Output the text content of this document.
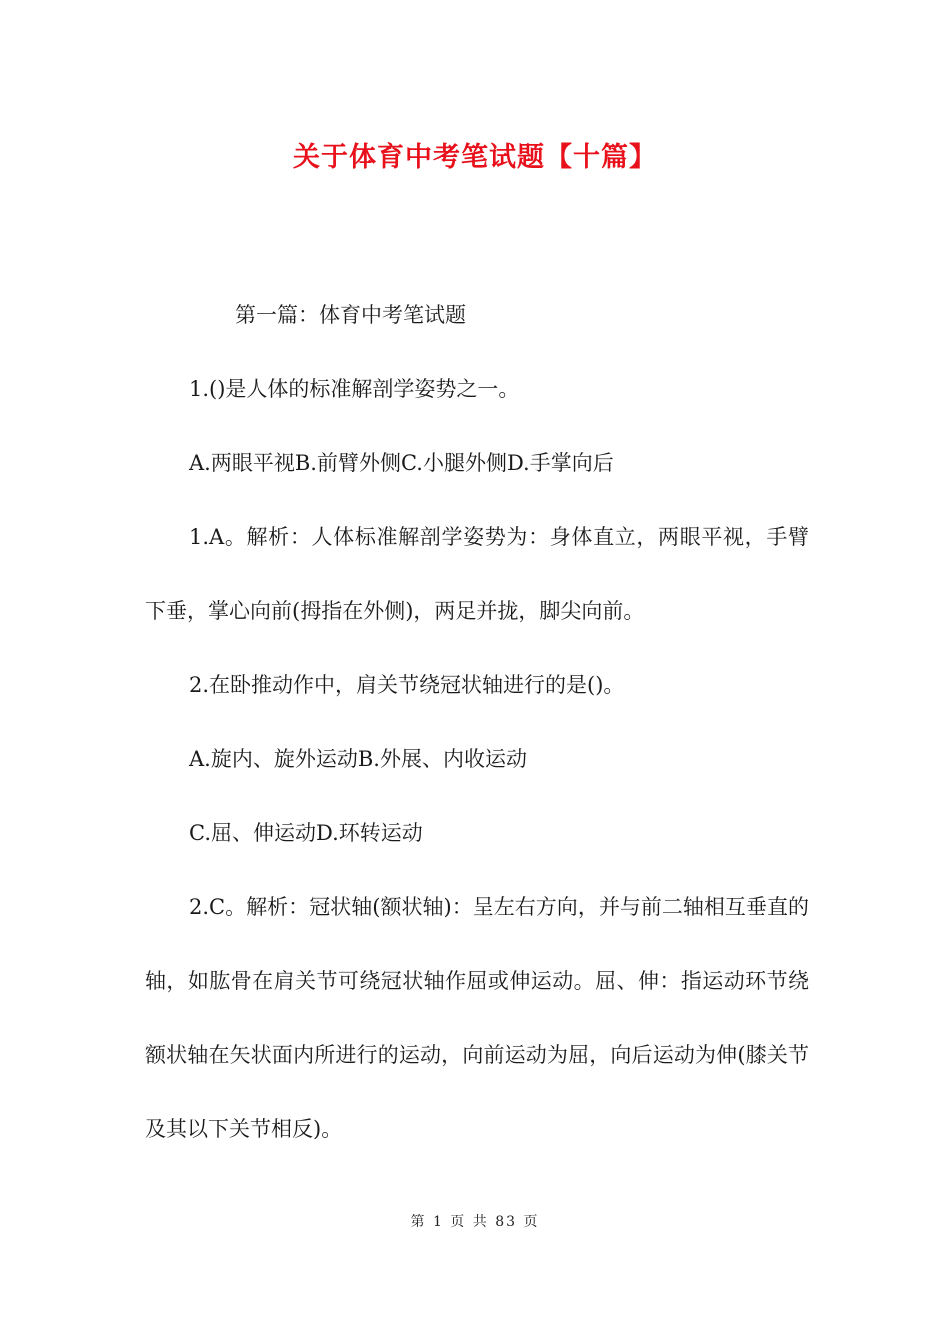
关于体育中考笔试题【十篇】

第一篇：体育中考笔试题

1.()是人体的标准解剖学姿势之一。

A.两眼平视B.前臂外侧C.小腿外侧D.手掌向后

1.A。解析：人体标准解剖学姿势为：身体直立，两眼平视，手臂下垂，掌心向前(拇指在外侧)，两足并拢，脚尖向前。

2.在卧推动作中，肩关节绕冠状轴进行的是()。

A.旋内、旋外运动B.外展、内收运动

C.屈、伸运动D.环转运动

2.C。解析：冠状轴(额状轴)：呈左右方向，并与前二轴相互垂直的轴，如肱骨在肩关节可绕冠状轴作屈或伸运动。屈、伸：指运动环节绕额状轴在矢状面内所进行的运动，向前运动为屈，向后运动为伸(膝关节及其以下关节相反)。

第 1 页 共 83 页
